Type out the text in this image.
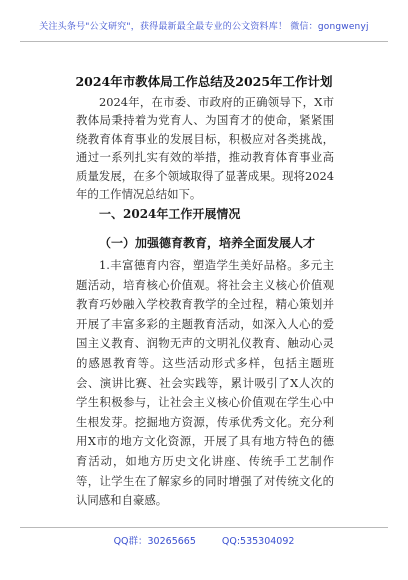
关注头条号"公文研究"，获得最新最全最专业的公文资料库！ 微信：gongwenyj
2024年市教体局工作总结及2025年工作计划

2024年，在市委、市政府的正确领导下，X市教体局秉持着为党育人、为国育才的使命，紧紧围绕教育体育事业的发展目标，积极应对各类挑战，通过一系列扎实有效的举措，推动教育体育事业高质量发展，在多个领域取得了显著成果。现将2024年的工作情况总结如下。

一、2024年工作开展情况
（一）加强德育教育，培养全面发展人才

1.丰富德育内容，塑造学生美好品格。多元主题活动，培育核心价值观。将社会主义核心价值观教育巧妙融入学校教育教学的全过程，精心策划并开展了丰富多彩的主题教育活动，如深入人心的爱国主义教育、润物无声的文明礼仪教育、触动心灵的感恩教育等。这些活动形式多样，包括主题班会、演讲比赛、社会实践等，累计吸引了X人次的学生积极参与，让社会主义核心价值观在学生心中生根发芽。挖掘地方资源，传承优秀文化。充分利用X市的地方文化资源，开展了具有地方特色的德育活动，如地方历史文化讲座、传统手工艺制作等，让学生在了解家乡的同时增强了对传统文化的认同感和自豪感。

QQ群：30265665	QQ:535304092
